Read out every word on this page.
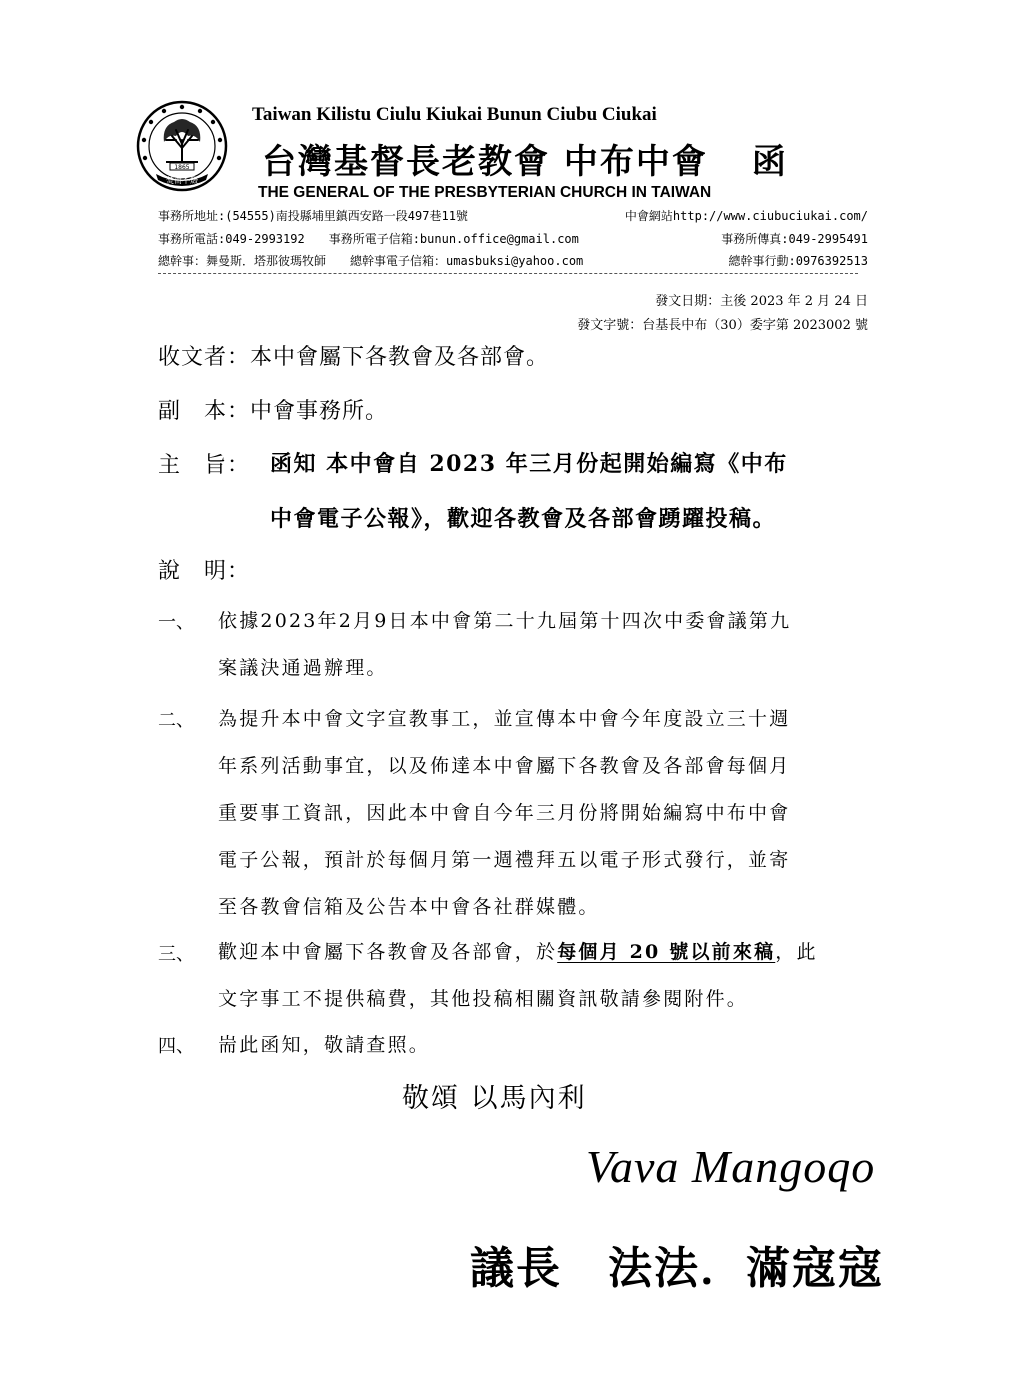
1865
焚而不燬
Taiwan Kilistu Ciulu Kiukai Bunun Ciubu Ciukai
台灣基督長老教會 中布中會 函
THE GENERAL OF THE PRESBYTERIAN CHURCH IN TAIWAN
事務所地址:(54555)南投縣埔里鎮西安路一段497巷11號	中會網站http://www.ciubuciukai.com/
事務所電話:049-2993192　　事務所電子信箱:bunun.office@gmail.com	事務所傳真:049-2995491
總幹事：舞曼斯．塔那彼瑪牧師　　總幹事電子信箱：umasbuksi@yahoo.com	總幹事行動:0976392513
發文日期：主後 2023 年 2 月 24 日
發文字號：台基長中布（30）委字第 2023002 號
收文者：本中會屬下各教會及各部會。
副　本：中會事務所。
主　旨： 函知 本中會自 2023 年三月份起開始編寫《中布
中會電子公報》，歡迎各教會及各部會踴躍投稿。
說　明：
一、 依據2023年2月9日本中會第二十九屆第十四次中委會議第九
案議決通過辦理。
二、 為提升本中會文字宣教事工，並宣傳本中會今年度設立三十週
年系列活動事宜，以及佈達本中會屬下各教會及各部會每個月
重要事工資訊，因此本中會自今年三月份將開始編寫中布中會
電子公報，預計於每個月第一週禮拜五以電子形式發行，並寄
至各教會信箱及公告本中會各社群媒體。
三、 歡迎本中會屬下各教會及各部會，於每個月 20 號以前來稿，此
文字事工不提供稿費，其他投稿相關資訊敬請參閱附件。
四、 耑此函知，敬請查照。
敬頌 以馬內利
Vava Mangoqo
議長 法法．滿寇寇
